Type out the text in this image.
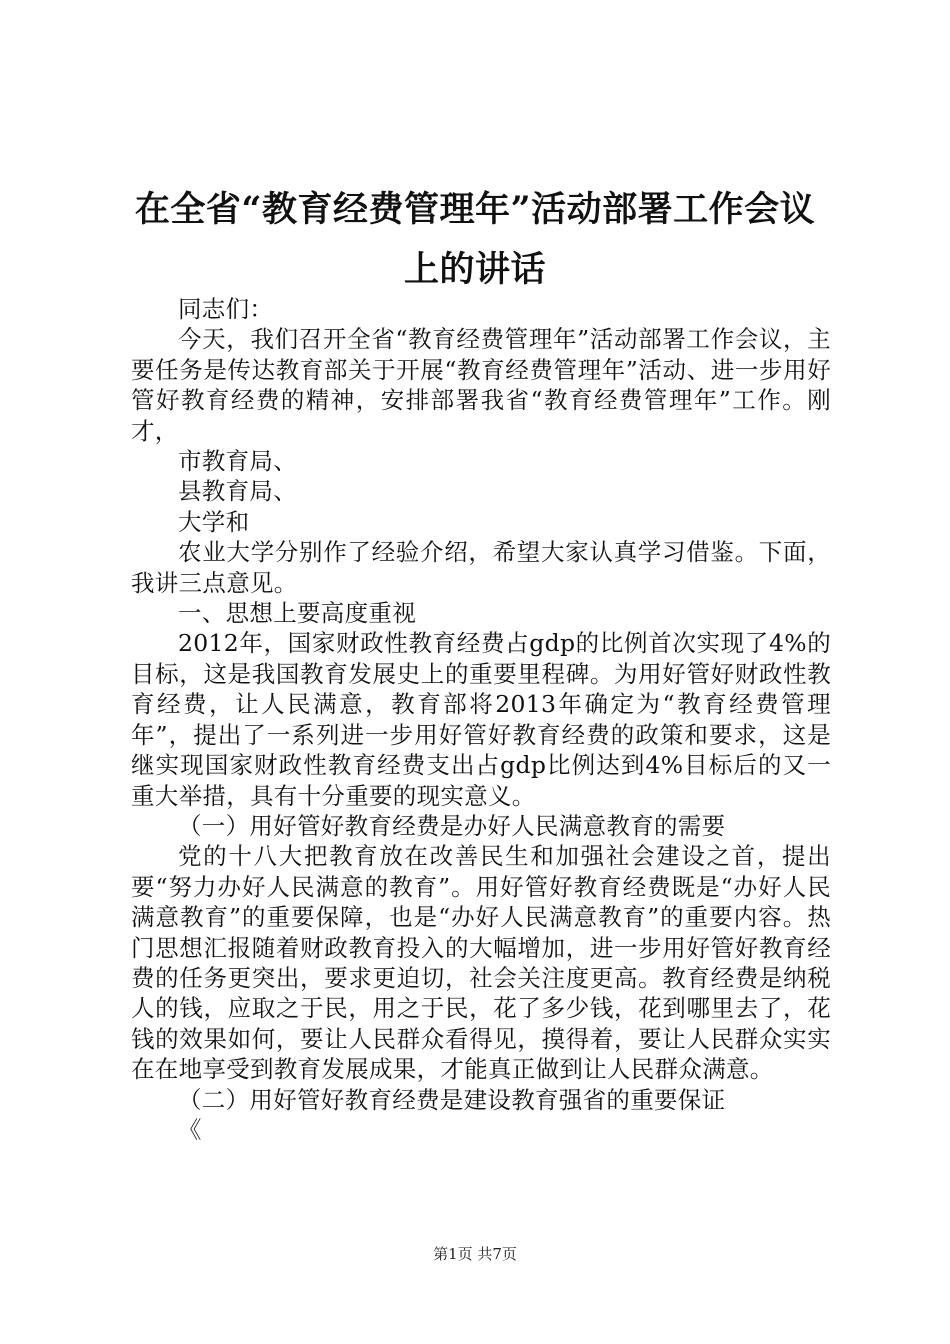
在全省“教育经费管理年”活动部署工作会议
上的讲话

同志们：

今天，我们召开全省“教育经费管理年”活动部署工作会议，主要任务是传达教育部关于开展“教育经费管理年”活动、进一步用好管好教育经费的精神，安排部署我省“教育经费管理年”工作。刚才，

市教育局、

县教育局、

大学和

农业大学分别作了经验介绍，希望大家认真学习借鉴。下面，我讲三点意见。

一、思想上要高度重视

2012年，国家财政性教育经费占gdp的比例首次实现了4%的目标，这是我国教育发展史上的重要里程碑。为用好管好财政性教育经费，让人民满意，教育部将2013年确定为“教育经费管理年”，提出了一系列进一步用好管好教育经费的政策和要求，这是继实现国家财政性教育经费支出占gdp比例达到4%目标后的又一重大举措，具有十分重要的现实意义。

（一）用好管好教育经费是办好人民满意教育的需要

党的十八大把教育放在改善民生和加强社会建设之首，提出要“努力办好人民满意的教育”。用好管好教育经费既是“办好人民满意教育”的重要保障，也是“办好人民满意教育”的重要内容。热门思想汇报随着财政教育投入的大幅增加，进一步用好管好教育经费的任务更突出，要求更迫切，社会关注度更高。教育经费是纳税人的钱，应取之于民，用之于民，花了多少钱，花到哪里去了，花钱的效果如何，要让人民群众看得见，摸得着，要让人民群众实实在在地享受到教育发展成果，才能真正做到让人民群众满意。

（二）用好管好教育经费是建设教育强省的重要保证

《

第1页 共7页
